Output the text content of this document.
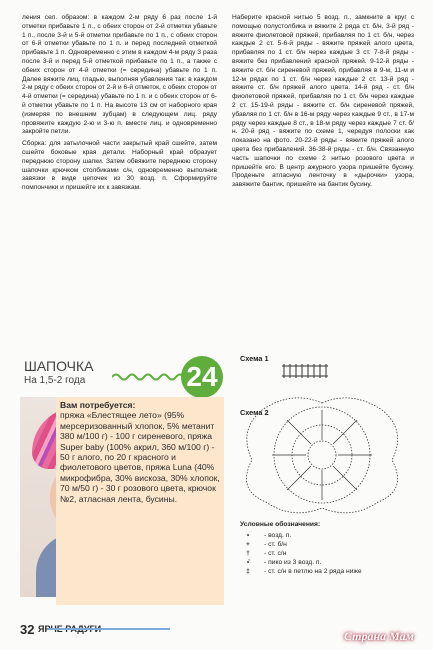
ления сел. образом: в каждом 2-м ряду 6 раз после 1-й отметки прибавьте 1 п., с обеих сторон от 2-й отметки убавьте 1 п., после 3-й и 5-й отметки прибавьте по 1 п., с обеих сторон от 6-й отметки убавьте по 1 п. и перед последней отметкой прибавьте 1 п. Одновременно с этим в каждом 4-м ряду 3 раза после 3-й и перед 5-й отметкой прибавьте по 1 п., а также с обеих сторон от 4-й отметки (= середина) убавьте по 1 п. Далее вяжите лиц. гладью, выполняя убавления так: в каждом 2-м ряду с обеих сторон от 2-й и 6-й отметок, с обеих сторон от 4-й отметки (= середина) убавьте по 1 п. и с обеих сторон от 6-й отметки убавьте по 1 п. На высоте 13 см от наборного края (измеряя по внешним зубцам) в следующем лиц. ряду провяжите каждую 2-ю и 3-ю п. вместе лиц. и одновременно закройте петли.

Сборка: для затылочной части закрытый край сшейте, затем сшейте боковые края детали. Наборный край образует переднюю сторону шапки. Затем обвяжите переднюю сторону шапочки крючком столбиками с/н, одновременно выполнив завязки в виде цепочек из 30 возд. п. Сформируйте помпончики и пришейте их к завязкам.

Наберите красной нитью 5 возд. п., замкните в круг с помощью полустолбика и вяжите 2 ряда ст. б/н, 3-й ряд - вяжите фиолетовой пряжей, прибавляя по 1 ст. б/н, через каждые 2 ст. 5-6-й ряды - вяжите пряжей алого цвета, прибавляя по 1 ст. б/н через каждые 3 ст. 7-8-й ряды - вяжите без прибавлений красной пряжей. 9-12-й ряды - вяжите ст. б/н сиреневой пряжей, прибавляя в 9-м, 11-м и 12-м рядах по 1 ст. б/н через каждые 2 ст. 13-й ряд - вяжите ст. б/н пряжей алого цвета. 14-й ряд - ст. б/н фиолетовой пряжей, прибавляя по 1 ст. б/н через каждые 2 ст. 15-19-й ряды - вяжите ст. б/н сиреневой пряжей, убавляя по 1 ст. б/н в 16-м ряду через каждые 9 ст., в 17-м ряду через каждые 8 ст., в 18-м ряду через каждые 7 ст. б/н. 20-й ряд - вяжите по схеме 1, чередуя полоски как показано на фото. 20-22-й ряды - вяжите пряжей алого цвета без прибавлений. 36-38-й ряды - ст. б/н. Связанную часть шапочки по схеме 2 нитью розового цвета и пришейте его. В центр ажурного узора пришейте бусину. Проденьте атласную ленточку в «дырочки» узора, завяжите бантик, пришейте на бантик бусину.

ШАПОЧКА
На 1,5-2 года	24
Вам потребуется:
пряжа «Блестящее лето» (95% мерсеризованный хлопок, 5% метанит 380 м/100 г) - 100 г сиреневого, пряжа Super baby (100% акрил, 360 м/100 г) - 50 г алого, по 20 г красного и фиолетового цветов, пряжа Luna (40% микрофибра, 30% вискоза, 30% хлопок, 70 м/50 г) - 30 г розового цвета, крючок №2, атласная лента, бусины.
Схема 1
Схема 2
Условные обозначения:
•	- возд. п.
+	- ст. б/н
†	- ст. с/н
•̊	- пико из 3 возд. п.
‡	- ст. с/н в петлю на 2 ряда ниже
32 ЯРЧЕ РАДУГИ	Страна Мам
